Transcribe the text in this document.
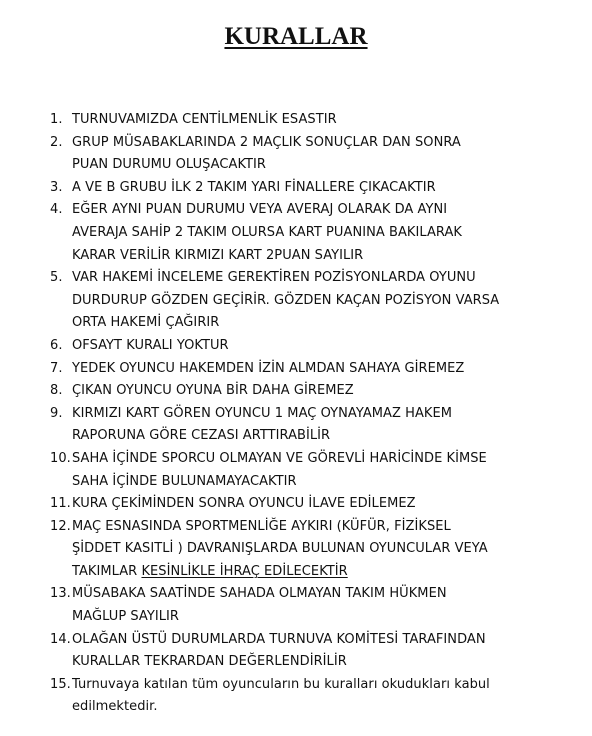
KURALLAR
1. TURNUVAMIZDA CENTİLMENLİK ESASTIR
2. GRUP MÜSABAKLARINDA 2 MAÇLIK SONUÇLAR DAN SONRA
PUAN DURUMU OLUŞACAKTIR
3. A VE B GRUBU İLK 2 TAKIM YARI FİNALLERE ÇIKACAKTIR
4. EĞER AYNI PUAN DURUMU VEYA AVERAJ OLARAK DA AYNI
AVERAJA SAHİP 2 TAKIM OLURSA KART PUANINA BAKILARAK
KARAR VERİLİR KIRMIZI KART 2PUAN SAYILIR
5. VAR HAKEMİ İNCELEME GEREKTİREN POZİSYONLARDA OYUNU
DURDURUP GÖZDEN GEÇİRİR. GÖZDEN KAÇAN POZİSYON VARSA
ORTA HAKEMİ ÇAĞIRIR
6. OFSAYT KURALI YOKTUR
7. YEDEK OYUNCU HAKEMDEN İZİN ALMDAN SAHAYA GİREMEZ
8. ÇIKAN OYUNCU OYUNA BİR DAHA GİREMEZ
9. KIRMIZI KART GÖREN OYUNCU 1 MAÇ OYNAYAMAZ HAKEM
RAPORUNA GÖRE CEZASI ARTTIRABİLİR
10. SAHA İÇİNDE SPORCU OLMAYAN VE GÖREVLİ HARİCİNDE KİMSE
SAHA İÇİNDE BULUNAMAYACAKTIR
11. KURA ÇEKİMİNDEN SONRA OYUNCU İLAVE EDİLEMEZ
12. MAÇ ESNASINDA SPORTMENLİĞE AYKIRI (KÜFÜR, FİZİKSEL
ŞİDDET KASITLİ ) DAVRANIŞLARDA BULUNAN OYUNCULAR VEYA
TAKIMLAR KESİNLİKLE İHRAÇ EDİLECEKTİR
13. MÜSABAKA SAATİNDE SAHADA OLMAYAN TAKIM HÜKMEN
MAĞLUP SAYILIR
14. OLAĞAN ÜSTÜ DURUMLARDA TURNUVA KOMİTESİ TARAFINDAN
KURALLAR TEKRARDAN DEĞERLENDİRİLİR
15. Turnuvaya katılan tüm oyuncuların bu kuralları okudukları kabul
edilmektedir.
